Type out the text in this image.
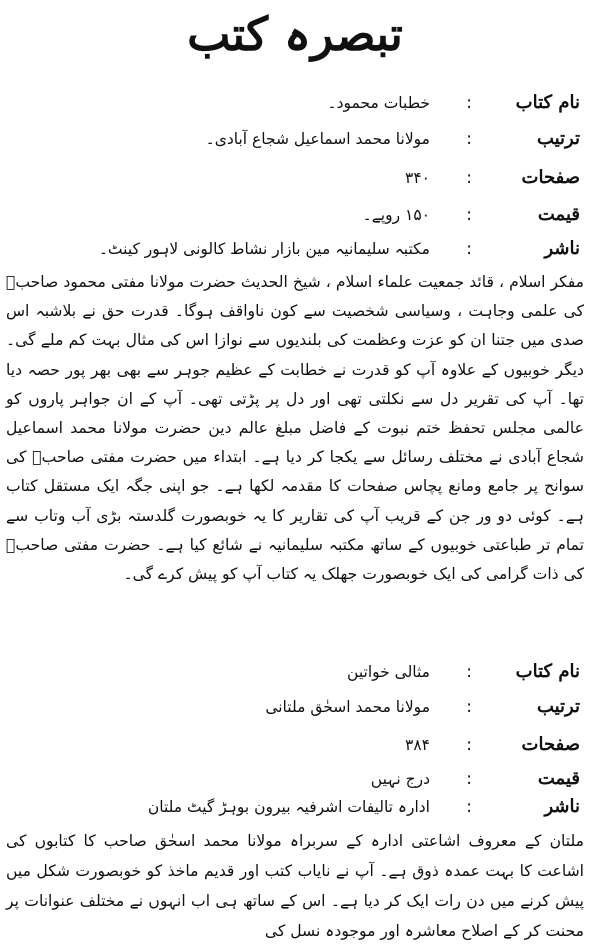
تبصرہ کتب
نام کتاب
:
خطبات محمود۔
ترتیب
:
مولانا محمد اسماعیل شجاع آبادی۔
صفحات
:
۳۴۰
قیمت
:
۱۵۰ روپے۔
ناشر
:
مکتبہ سلیمانیہ مین بازار نشاط کالونی لاہور کینٹ۔

مفکر اسلام ، قائد جمعیت علماء اسلام ، شیخ الحدیث حضرت مولانا مفتی محمود صاحبؒ کی علمی وجاہت ، وسیاسی شخصیت سے کون ناواقف ہوگا۔ قدرت حق نے بلاشبہ اس صدی میں جتنا ان کو عزت وعظمت کی بلندیوں سے نوازا اس کی مثال بہت کم ملے گی۔ دیگر خوبیوں کے علاوہ آپ کو قدرت نے خطابت کے عظیم جوہر سے بھی بھر پور حصہ دیا تھا۔ آپ کی تقریر دل سے نکلتی تھی اور دل پر پڑتی تھی۔ آپ کے ان جواہر پاروں کو عالمی مجلس تحفظ ختم نبوت کے فاضل مبلغ عالم دین حضرت مولانا محمد اسماعیل شجاع آبادی نے مختلف رسائل سے یکجا کر دیا ہے۔ ابتداء میں حضرت مفتی صاحبؒ کی سوانح پر جامع ومانع پچاس صفحات کا مقدمہ لکھا ہے۔ جو اپنی جگہ ایک مستقل کتاب ہے۔ کوئی دو ور جن کے قریب آپ کی تقاریر کا یہ خوبصورت گلدستہ بڑی آب وتاب سے تمام تر طباعتی خوبیوں کے ساتھ مکتبہ سلیمانیہ نے شائع کیا ہے۔ حضرت مفتی صاحبؒ کی ذات گرامی کی ایک خوبصورت جھلک یہ کتاب آپ کو پیش کرے گی۔

نام کتاب
:
مثالی خواتین
ترتیب
:
مولانا محمد اسحٰق ملتانی
صفحات
:
۳۸۴
قیمت
:
درج نہیں
ناشر
:
ادارہ تالیفات اشرفیہ بیرون بوہڑ گیٹ ملتان

ملتان کے معروف اشاعتی ادارہ کے سربراہ مولانا محمد اسحٰق صاحب کا کتابوں کی اشاعت کا بہت عمدہ ذوق ہے۔ آپ نے نایاب کتب اور قدیم ماخذ کو خوبصورت شکل میں پیش کرنے میں دن رات ایک کر دیا ہے۔ اس کے ساتھ ہی اب انہوں نے مختلف عنوانات پر محنت کر کے اصلاح معاشرہ اور موجودہ نسل کی
